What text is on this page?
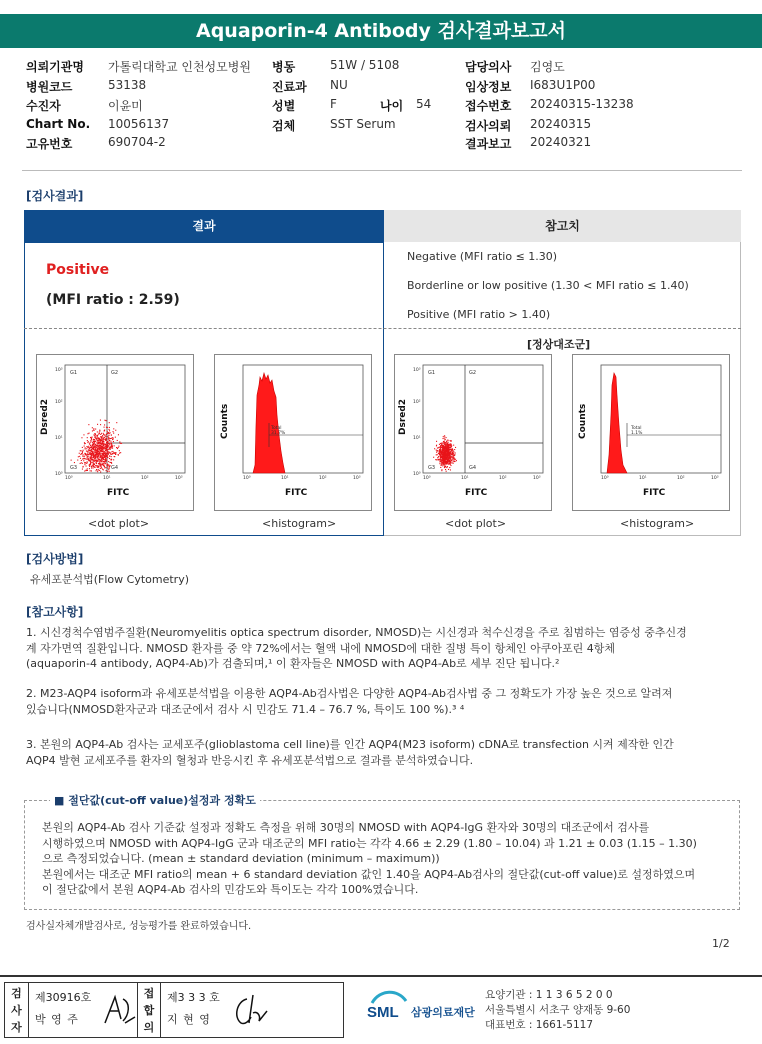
Aquaporin-4 Antibody 검사결과보고서
의뢰기관명 가톨릭대학교 인천성모병원
병원코드	53138
수진자	이윤미
Chart No. 10056137
고유번호	690704-2
병동	51W / 5108
진료과 NU
성별	F	나이 54
검체	SST Serum
담당의사 김영도
임상정보 I683U1P00
접수번호 20240315-13238
검사의뢰 20240315
결과보고 20240321
[검사결과]
결과	참고치
Positive
(MFI ratio : 2.59)
Negative (MFI ratio ≤ 1.30)
Borderline or low positive (1.30 < MFI ratio ≤ 1.40)
Positive (MFI ratio > 1.40)
[정상대조군]
G1	G2
G3	G4
10⁰	10¹	10²	10³
10⁰
10¹
10²
10³
Dsred2
FITC
Total
31.7%
10⁰	10¹	10²	10³
Counts
FITC
G1	G2
G3	G4
10⁰	10¹	10²	10³
10⁰
10¹
10²
10³
Dsred2
FITC
Total
1.1%
10⁰	10¹	10²	10³
Counts
FITC
<dot plot>	<histogram>	<dot plot>	<histogram>
[검사방법]
유세포분석법(Flow Cytometry)
[참고사항]
1. 시신경척수염범주질환(Neuromyelitis optica spectrum disorder, NMOSD)는 시신경과 척수신경을 주로 침범하는 염증성 중추신경
계 자가면역 질환입니다. NMOSD 환자를 중 약 72%에서는 혈액 내에 NMOSD에 대한 질병 특이 항체인 아쿠아포린 4항체
(aquaporin-4 antibody, AQP4-Ab)가 검출되며,¹ 이 환자들은 NMOSD with AQP4-Ab로 세부 진단 됩니다.²
2. M23-AQP4 isoform과 유세포분석법을 이용한 AQP4-Ab검사법은 다양한 AQP4-Ab검사법 중 그 정확도가 가장 높은 것으로 알려져
있습니다(NMOSD환자군과 대조군에서 검사 시 민감도 71.4 – 76.7 %, 특이도 100 %).³ ⁴
3. 본원의 AQP4-Ab 검사는 교세포주(glioblastoma cell line)를 인간 AQP4(M23 isoform) cDNA로 transfection 시켜 제작한 인간
AQP4 발현 교세포주를 환자의 혈청과 반응시킨 후 유세포분석법으로 결과를 분석하였습니다.
■ 절단값(cut-off value)설정과 정확도
본원의 AQP4-Ab 검사 기준값 설정과 정확도 측정을 위해 30명의 NMOSD with AQP4-IgG 환자와 30명의 대조군에서 검사를
시행하였으며 NMOSD with AQP4-IgG 군과 대조군의 MFI ratio는 각각 4.66 ± 2.29 (1.80 – 10.04) 과 1.21 ± 0.03 (1.15 – 1.30)
으로 측정되었습니다. (mean ± standard deviation (minimum – maximum))
본원에서는 대조군 MFI ratio의 mean + 6 standard deviation 값인 1.40을 AQP4-Ab검사의 절단값(cut-off value)로 설정하였으며
이 절단값에서 본원 AQP4-Ab 검사의 민감도와 특이도는 각각 100%였습니다.
검사실자체개발검사로, 성능평가를 완료하였습니다.
1/2
검
사
자
제30916호
박 영 주
접
합
의
제3 3 3 호
지 현 영	SML 삼광의료재단
요양기관 : 1 1 3 6 5 2 0 0
서울특별시 서초구 양재동 9-60
대표번호 : 1661-5117
